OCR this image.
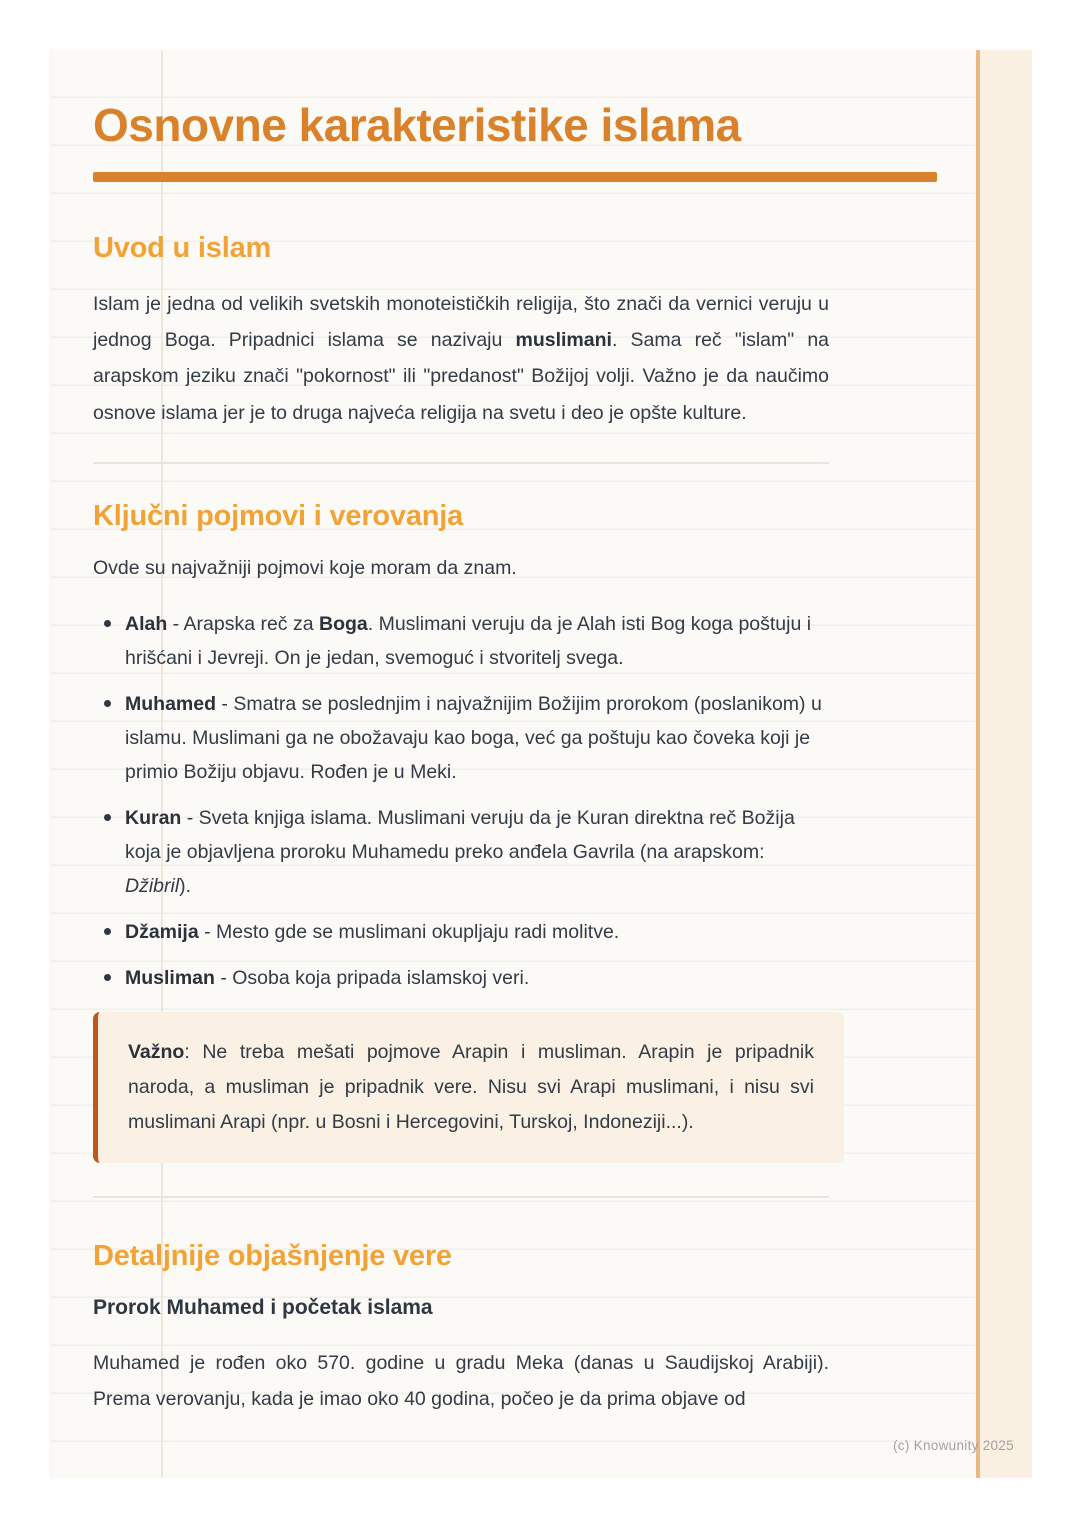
Osnovne karakteristike islama
Uvod u islam

Islam je jedna od velikih svetskih monoteističkih religija, što znači da vernici veruju u jednog Boga. Pripadnici islama se nazivaju muslimani. Sama reč "islam" na arapskom jeziku znači "pokornost" ili "predanost" Božijoj volji. Važno je da naučimo osnove islama jer je to druga najveća religija na svetu i deo je opšte kulture.

Ključni pojmovi i verovanja

Ovde su najvažniji pojmovi koje moram da znam.

Alah - Arapska reč za Boga. Muslimani veruju da je Alah isti Bog koga poštuju i hrišćani i Jevreji. On je jedan, svemoguć i stvoritelj svega.
Muhamed - Smatra se poslednjim i najvažnijim Božijim prorokom (poslanikom) u islamu. Muslimani ga ne obožavaju kao boga, već ga poštuju kao čoveka koji je primio Božiju objavu. Rođen je u Meki.
Kuran - Sveta knjiga islama. Muslimani veruju da je Kuran direktna reč Božija koja je objavljena proroku Muhamedu preko anđela Gavrila (na arapskom: Džibril).
Džamija - Mesto gde se muslimani okupljaju radi molitve.
Musliman - Osoba koja pripada islamskoj veri.

Važno: Ne treba mešati pojmove Arapin i musliman. Arapin je pripadnik naroda, a musliman je pripadnik vere. Nisu svi Arapi muslimani, i nisu svi muslimani Arapi (npr. u Bosni i Hercegovini, Turskoj, Indoneziji...).

Detaljnije objašnjenje vere
Prorok Muhamed i početak islama

Muhamed je rođen oko 570. godine u gradu Meka (danas u Saudijskoj Arabiji). Prema verovanju, kada je imao oko 40 godina, počeo je da prima objave od

(c) Knowunity 2025
